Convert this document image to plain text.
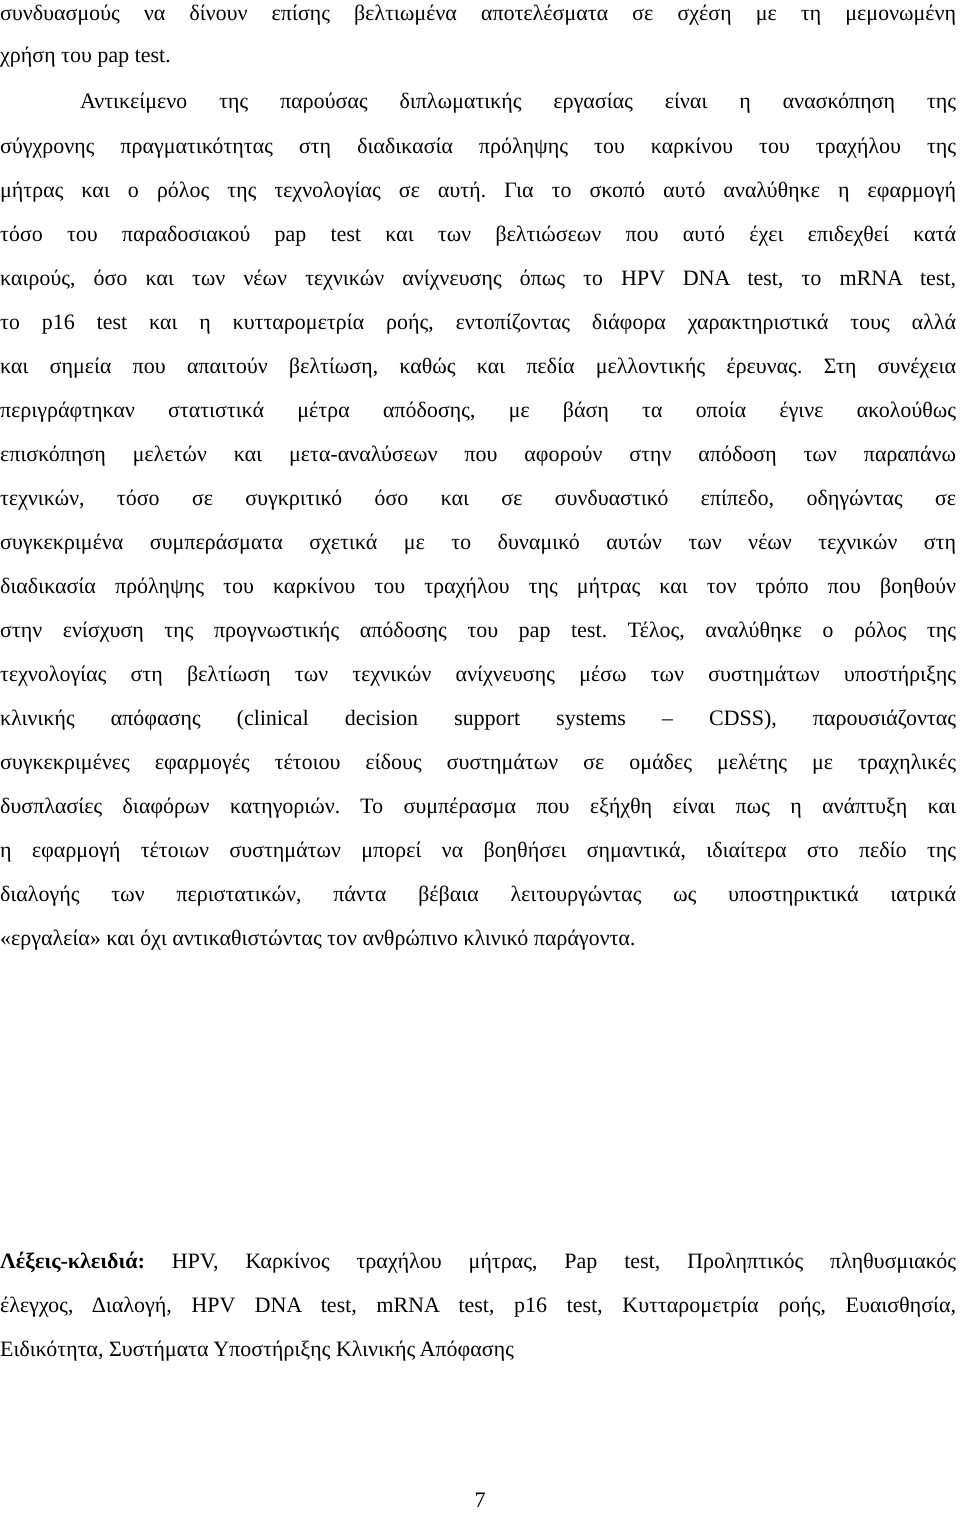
συνδυασμούς να δίνουν επίσης βελτιωμένα αποτελέσματα σε σχέση με τη μεμονωμένη
χρήση του pap test.
Αντικείμενο της παρούσας διπλωματικής εργασίας είναι η ανασκόπηση της
σύγχρονης πραγματικότητας στη διαδικασία πρόληψης του καρκίνου του τραχήλου της
μήτρας και ο ρόλος της τεχνολογίας σε αυτή. Για το σκοπό αυτό αναλύθηκε η εφαρμογή
τόσο του παραδοσιακού pap test και των βελτιώσεων που αυτό έχει επιδεχθεί κατά
καιρούς, όσο και των νέων τεχνικών ανίχνευσης όπως το HPV DNA test, το mRNA test,
το p16 test και η κυτταρομετρία ροής, εντοπίζοντας διάφορα χαρακτηριστικά τους αλλά
και σημεία που απαιτούν βελτίωση, καθώς και πεδία μελλοντικής έρευνας. Στη συνέχεια
περιγράφτηκαν στατιστικά μέτρα απόδοσης, με βάση τα οποία έγινε ακολούθως
επισκόπηση μελετών και μετα-αναλύσεων που αφορούν στην απόδοση των παραπάνω
τεχνικών, τόσο σε συγκριτικό όσο και σε συνδυαστικό επίπεδο, οδηγώντας σε
συγκεκριμένα συμπεράσματα σχετικά με το δυναμικό αυτών των νέων τεχνικών στη
διαδικασία πρόληψης του καρκίνου του τραχήλου της μήτρας και τον τρόπο που βοηθούν
στην ενίσχυση της προγνωστικής απόδοσης του pap test. Τέλος, αναλύθηκε ο ρόλος της
τεχνολογίας στη βελτίωση των τεχνικών ανίχνευσης μέσω των συστημάτων υποστήριξης
κλινικής απόφασης (clinical decision support systems – CDSS), παρουσιάζοντας
συγκεκριμένες εφαρμογές τέτοιου είδους συστημάτων σε ομάδες μελέτης με τραχηλικές
δυσπλασίες διαφόρων κατηγοριών. Το συμπέρασμα που εξήχθη είναι πως η ανάπτυξη και
η εφαρμογή τέτοιων συστημάτων μπορεί να βοηθήσει σημαντικά, ιδιαίτερα στο πεδίο της
διαλογής των περιστατικών, πάντα βέβαια λειτουργώντας ως υποστηρικτικά ιατρικά
«εργαλεία» και όχι αντικαθιστώντας τον ανθρώπινο κλινικό παράγοντα.
Λέξεις-κλειδιά: HPV, Καρκίνος τραχήλου μήτρας, Pap test, Προληπτικός πληθυσμιακός
έλεγχος, Διαλογή, HPV DNA test, mRNA test, p16 test, Κυτταρομετρία ροής, Ευαισθησία,
Ειδικότητα, Συστήματα Υποστήριξης Κλινικής Απόφασης
7
